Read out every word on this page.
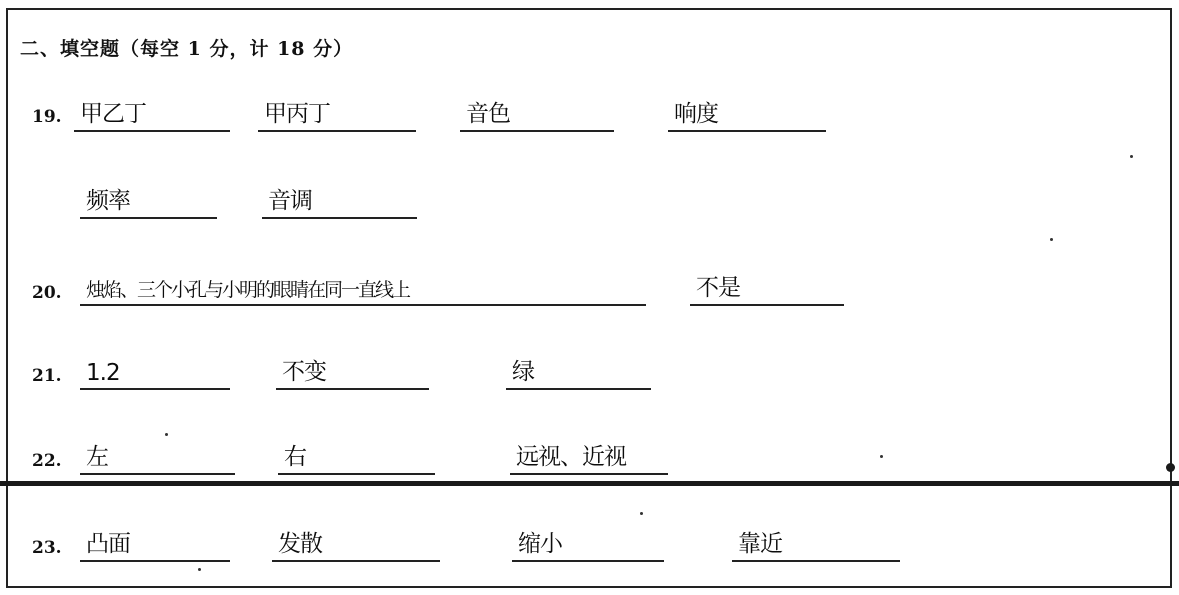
二、填空题（每空 1 分，计 18 分）
19. 甲乙丁	甲丙丁	音色	响度
频率	音调
20. 烛焰、三个小孔与小明的眼睛在同一直线上	不是
21. 1.2	不变	绿
22. 左	右	远视、近视
23. 凸面	发散	缩小	靠近
